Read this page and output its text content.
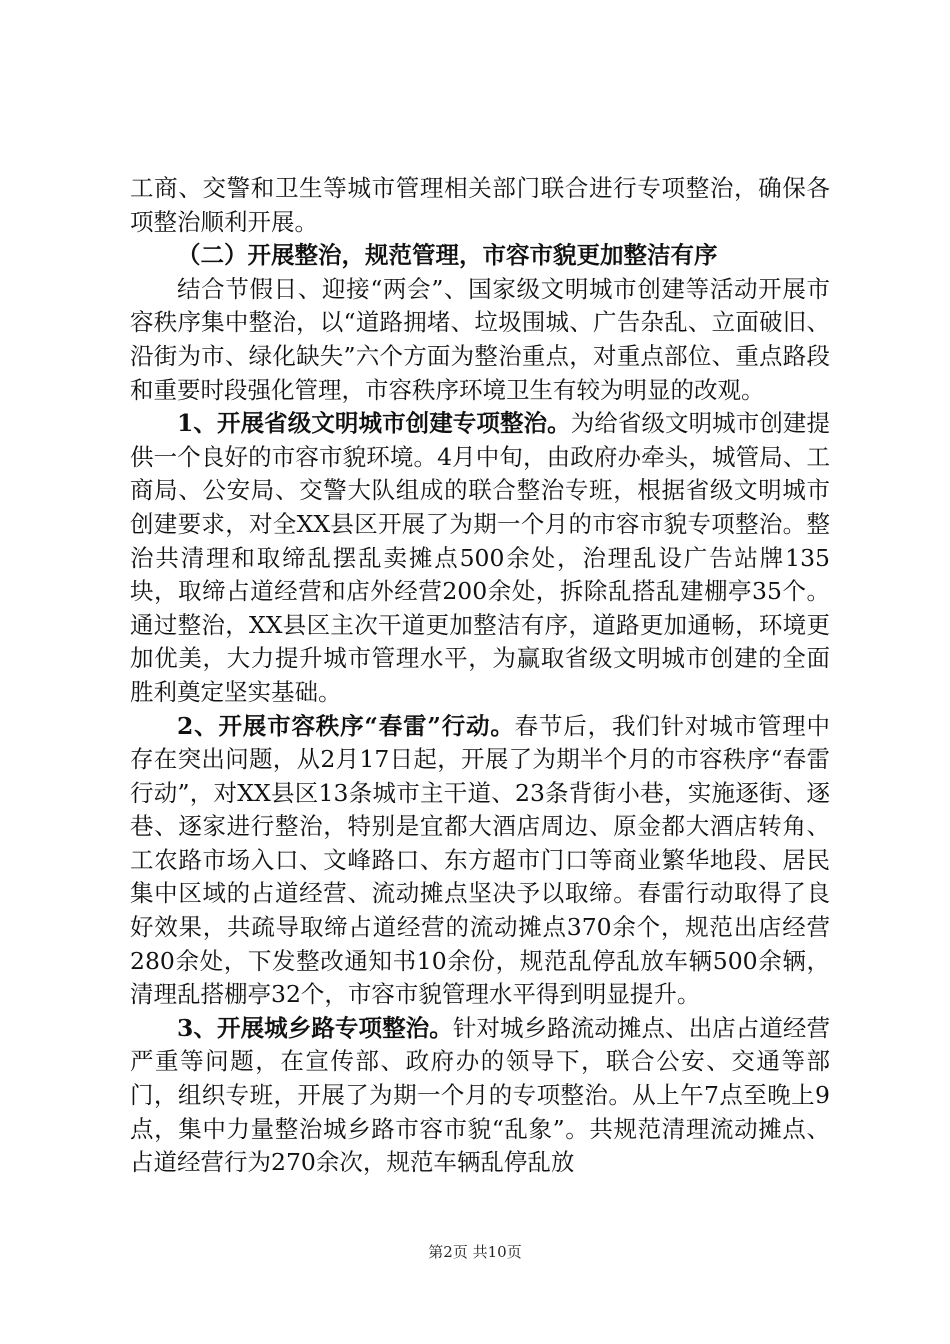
工商、交警和卫生等城市管理相关部门联合进行专项整治，确保各项整治顺利开展。

（二）开展整治，规范管理，市容市貌更加整洁有序

结合节假日、迎接“两会”、国家级文明城市创建等活动开展市容秩序集中整治，以“道路拥堵、垃圾围城、广告杂乱、立面破旧、沿街为市、绿化缺失”六个方面为整治重点，对重点部位、重点路段和重要时段强化管理，市容秩序环境卫生有较为明显的改观。

1、开展省级文明城市创建专项整治。为给省级文明城市创建提供一个良好的市容市貌环境。4月中旬，由政府办牵头，城管局、工商局、公安局、交警大队组成的联合整治专班，根据省级文明城市创建要求，对全XX县区开展了为期一个月的市容市貌专项整治。整治共清理和取缔乱摆乱卖摊点500余处，治理乱设广告站牌135块，取缔占道经营和店外经营200余处，拆除乱搭乱建棚亭35个。通过整治，XX县区主次干道更加整洁有序，道路更加通畅，环境更加优美，大力提升城市管理水平，为赢取省级文明城市创建的全面胜利奠定坚实基础。

2、开展市容秩序“春雷”行动。春节后，我们针对城市管理中存在突出问题，从2月17日起，开展了为期半个月的市容秩序“春雷行动”，对XX县区13条城市主干道、23条背街小巷，实施逐街、逐巷、逐家进行整治，特别是宜都大酒店周边、原金都大酒店转角、工农路市场入口、文峰路口、东方超市门口等商业繁华地段、居民集中区域的占道经营、流动摊点坚决予以取缔。春雷行动取得了良好效果，共疏导取缔占道经营的流动摊点370余个，规范出店经营280余处，下发整改通知书10余份，规范乱停乱放车辆500余辆，清理乱搭棚亭32个，市容市貌管理水平得到明显提升。

3、开展城乡路专项整治。针对城乡路流动摊点、出店占道经营严重等问题，在宣传部、政府办的领导下，联合公安、交通等部门，组织专班，开展了为期一个月的专项整治。从上午7点至晚上9点，集中力量整治城乡路市容市貌“乱象”。共规范清理流动摊点、占道经营行为270余次，规范车辆乱停乱放

第2页 共10页
